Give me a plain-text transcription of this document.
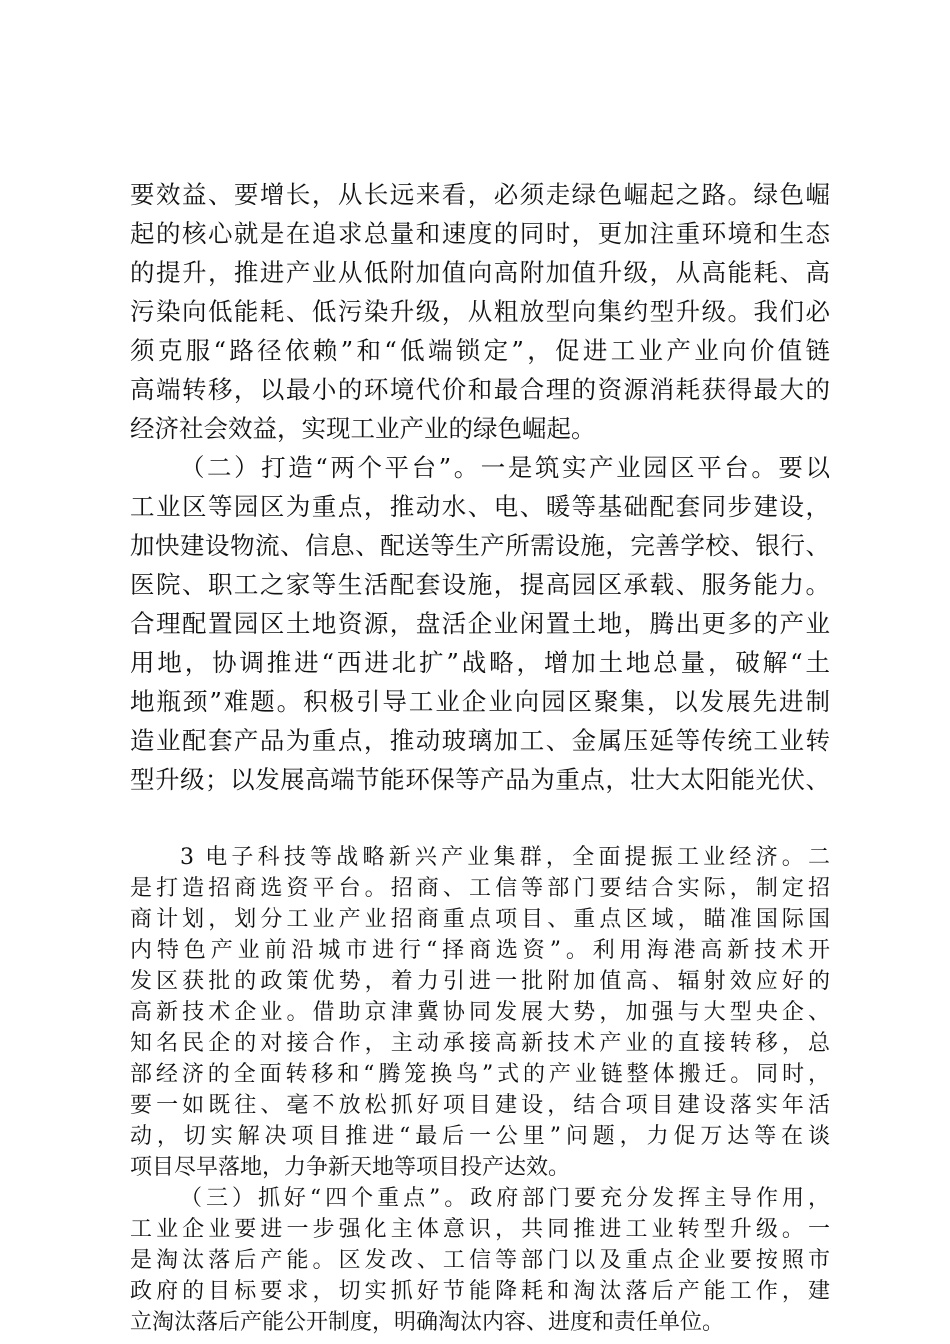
要效益、要增长，从长远来看，必须走绿色崛起之路。绿色崛

起的核心就是在追求总量和速度的同时，更加注重环境和生态

的提升，推进产业从低附加值向高附加值升级，从高能耗、高

污染向低能耗、低污染升级，从粗放型向集约型升级。我们必

须克服“路径依赖”和“低端锁定”，促进工业产业向价值链

高端转移，以最小的环境代价和最合理的资源消耗获得最大的

经济社会效益，实现工业产业的绿色崛起。

（二）打造“两个平台”。一是筑实产业园区平台。要以

工业区等园区为重点，推动水、电、暖等基础配套同步建设，

加快建设物流、信息、配送等生产所需设施，完善学校、银行、

医院、职工之家等生活配套设施，提高园区承载、服务能力。

合理配置园区土地资源，盘活企业闲置土地，腾出更多的产业

用地，协调推进“西进北扩”战略，增加土地总量，破解“土

地瓶颈”难题。积极引导工业企业向园区聚集，以发展先进制

造业配套产品为重点，推动玻璃加工、金属压延等传统工业转

型升级；以发展高端节能环保等产品为重点，壮大太阳能光伏、

3 电子科技等战略新兴产业集群，全面提振工业经济。二

是打造招商选资平台。招商、工信等部门要结合实际，制定招

商计划，划分工业产业招商重点项目、重点区域，瞄准国际国

内特色产业前沿城市进行“择商选资”。利用海港高新技术开

发区获批的政策优势，着力引进一批附加值高、辐射效应好的

高新技术企业。借助京津冀协同发展大势，加强与大型央企、

知名民企的对接合作，主动承接高新技术产业的直接转移，总

部经济的全面转移和“腾笼换鸟”式的产业链整体搬迁。同时，

要一如既往、毫不放松抓好项目建设，结合项目建设落实年活

动，切实解决项目推进“最后一公里”问题，力促万达等在谈

项目尽早落地，力争新天地等项目投产达效。

（三）抓好“四个重点”。政府部门要充分发挥主导作用，

工业企业要进一步强化主体意识，共同推进工业转型升级。一

是淘汰落后产能。区发改、工信等部门以及重点企业要按照市

政府的目标要求，切实抓好节能降耗和淘汰落后产能工作，建

立淘汰落后产能公开制度，明确淘汰内容、进度和责任单位。
